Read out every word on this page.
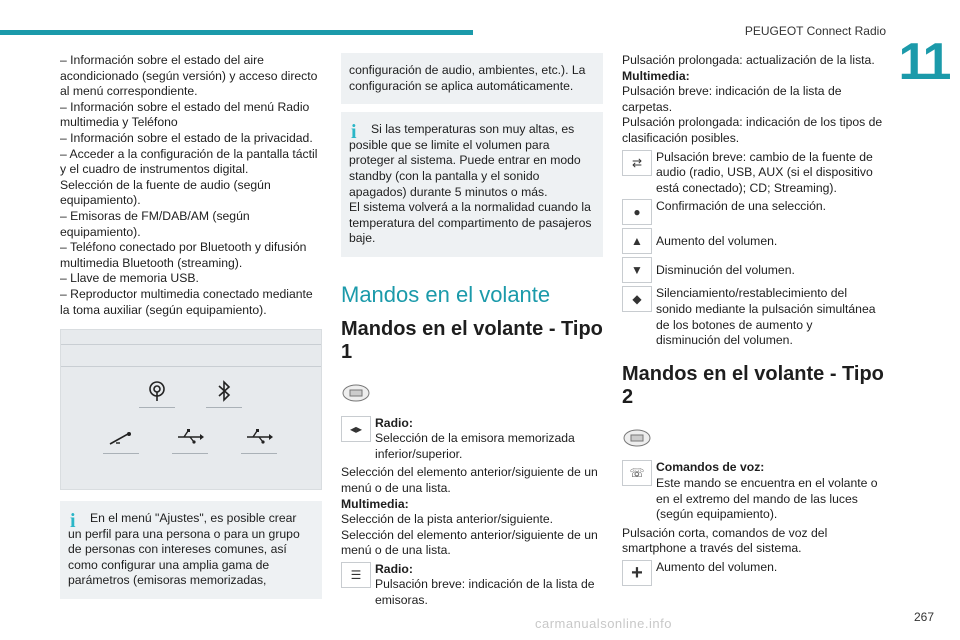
PEUGEOT Connect Radio
11

– Información sobre el estado del aire acondicionado (según versión) y acceso directo al menú correspondiente.

– Información sobre el estado del menú Radio multimedia y Teléfono

– Información sobre el estado de la privacidad.

– Acceder a la configuración de la pantalla táctil y el cuadro de instrumentos digital.

Selección de la fuente de audio (según equipamiento).

– Emisoras de FM/DAB/AM (según equipamiento).

– Teléfono conectado por Bluetooth y difusión multimedia Bluetooth (streaming).

– Llave de memoria USB.

– Reproductor multimedia conectado mediante la toma auxiliar (según equipamiento).

i	En el menú "Ajustes", es posible crear un perfil para una persona o para un grupo de personas con intereses comunes, así como configurar una amplia gama de parámetros (emisoras memorizadas,

configuración de audio, ambientes, etc.). La configuración se aplica automáticamente.

i	Si las temperaturas son muy altas, es posible que se limite el volumen para proteger al sistema. Puede entrar en modo standby (con la pantalla y el sonido apagados) durante 5 minutos o más.

El sistema volverá a la normalidad cuando la temperatura del compartimento de pasajeros baje.

Mandos en el volante
Mandos en el volante - Tipo 1
◂▸	Radio:
Selección de la emisora memorizada inferior/superior.

Selección del elemento anterior/siguiente de un menú o de una lista.

Multimedia:

Selección de la pista anterior/siguiente.

Selección del elemento anterior/siguiente de un menú o de una lista.

☰	Radio:
Pulsación breve: indicación de la lista de emisoras.

Pulsación prolongada: actualización de la lista.

Multimedia:

Pulsación breve: indicación de la lista de carpetas.

Pulsación prolongada: indicación de los tipos de clasificación posibles.

⇄	Pulsación breve: cambio de la fuente de audio (radio, USB, AUX (si el dispositivo está conectado); CD; Streaming).
●	Confirmación de una selección.
▲	Aumento del volumen.
▼	Disminución del volumen.
◆	Silenciamiento/restablecimiento del sonido mediante la pulsación simultánea de los botones de aumento y disminución del volumen.
Mandos en el volante - Tipo 2
☏ Comandos de voz:
Este mando se encuentra en el volante o en el extremo del mando de las luces (según equipamiento).

Pulsación corta, comandos de voz del smartphone a través del sistema.

+	Aumento del volumen.
carmanualsonline.info	267
